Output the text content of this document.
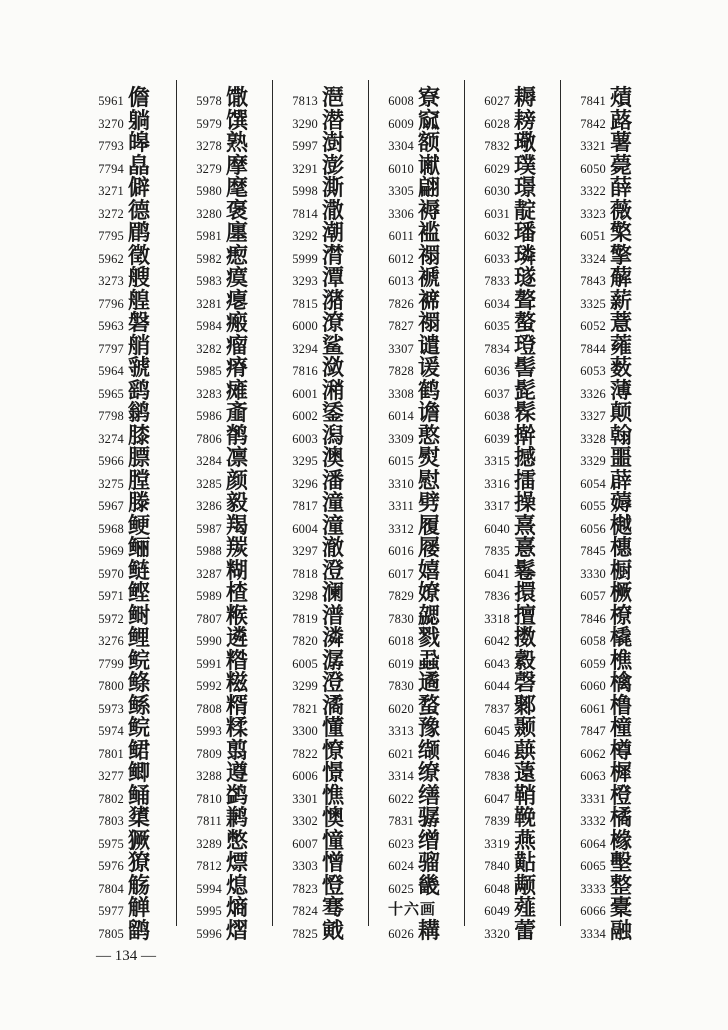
5961 儋
3270 躺
7793 皞
7794 皛
3271 僻
3272 德
7795 鹛
5962 徵
3273 艘
7796 艎
5963 磐
7797 艄
5964 虢
5965 鹞
7798 鹟
3274 膝
5966 膘
3275 膛
5967 滕
5968 鲠
5969 鲡
5970 鲢
5971 鲣
5972 鲥
3276 鲤
7799 鲩
7800 鲦
5973 鲧
5974 鲩
7801 鲪
3277 鲫
7802 鲬
7803 橥
5975 獗
5976 獠
7804 觞
5977 觯
7805 鹠
5978 馓
5979 馔
3278 熟
3279 摩
5980 麾
3280 褒
5981 廛
5982 瘛
5983 瘼
3281 瘪
5984 瘢
3282 瘤
5985 瘠
3283 瘫
5986 齑
7806 鹡
3284 凛
3285 颜
3286 毅
5987 羯
5988 羰
3287 糊
5989 楂
7807 糇
5990 遴
5991 糌
5992 糍
7808 糈
5993 糅
7809 翦
3288 遵
7810 鹢
7811 鹣
3289 憋
7812 熛
5994 熄
5995 熵
5996 熠
7813 潖
3290 潜
5997 澍
3291 澎
5998 澌
7814 潵
3292 潮
5999 潸
3293 潭
7815 潴
6000 潦
3294 鲨
7816 潋
6001 潲
6002 鋈
6003 潟
3295 澳
3296 潘
7817 潼
6004 潼
3297 澈
7818 澄
3298 澜
7819 潽
7820 潾
6005 潺
3299 澄
7821 潏
3300 懂
7822 憭
6006 憬
3301 憔
3302 懊
6007 憧
3303 憎
7823 憕
7824 骞
7825 戭
6008 寮
6009 窳
3304 额
6010 谳
3305 翩
3306 褥
6011 褴
6012 禤
6013 褫
7826 褯
7827 禤
3307 谴
7828 谖
3308 鹤
6014 谵
3309 憨
6015 熨
3310 慰
3311 劈
3312 履
6016 屦
6017 嬉
7829 嫽
7830 勰
6018 戮
6019 蝨
7830 遹
6020 蝥
3313 豫
6021 缬
3314 缭
6022 缮
7831 骣
6023 缯
6024 骝
6025 畿
十六画
6026 耩
6027 耨
6028 耪
7832 璥
6029 璞
6030 璟
6031 靛
6032 璠
6033 璘
7833 璲
6034 聱
6035 螯
7834 璒
6036 髻
6037 髭
6038 髹
6039 擀
3315 撼
3316 擂
3317 操
6040 熹
7835 憙
6041 鬈
7836 擐
3318 擅
6042 擞
6043 縠
6044 磬
7837 鄹
6045 颞
6046 蕻
7838 薳
6047 鞘
7839 鞔
3319 燕
7840 黇
6048 颟
6049 薤
3320 蕾
7841 薠
7842 蕗
3321 薯
6050 薨
3322 薛
3323 薇
6051 檠
3324 擎
7843 薢
3325 薪
6052 薏
7844 蕹
6053 薮
3326 薄
3327 颠
3328 翰
3329 噩
6054 薜
6055 薅
6056 樾
7845 橞
3330 橱
6057 橛
7846 橑
6058 橇
6059 樵
6060 檎
6061 橹
7847 橦
6062 樽
6063 樨
3331 橙
3332 橘
6064 橼
6065 墼
3333 整
6066 橐
3334 融
— 134 —
